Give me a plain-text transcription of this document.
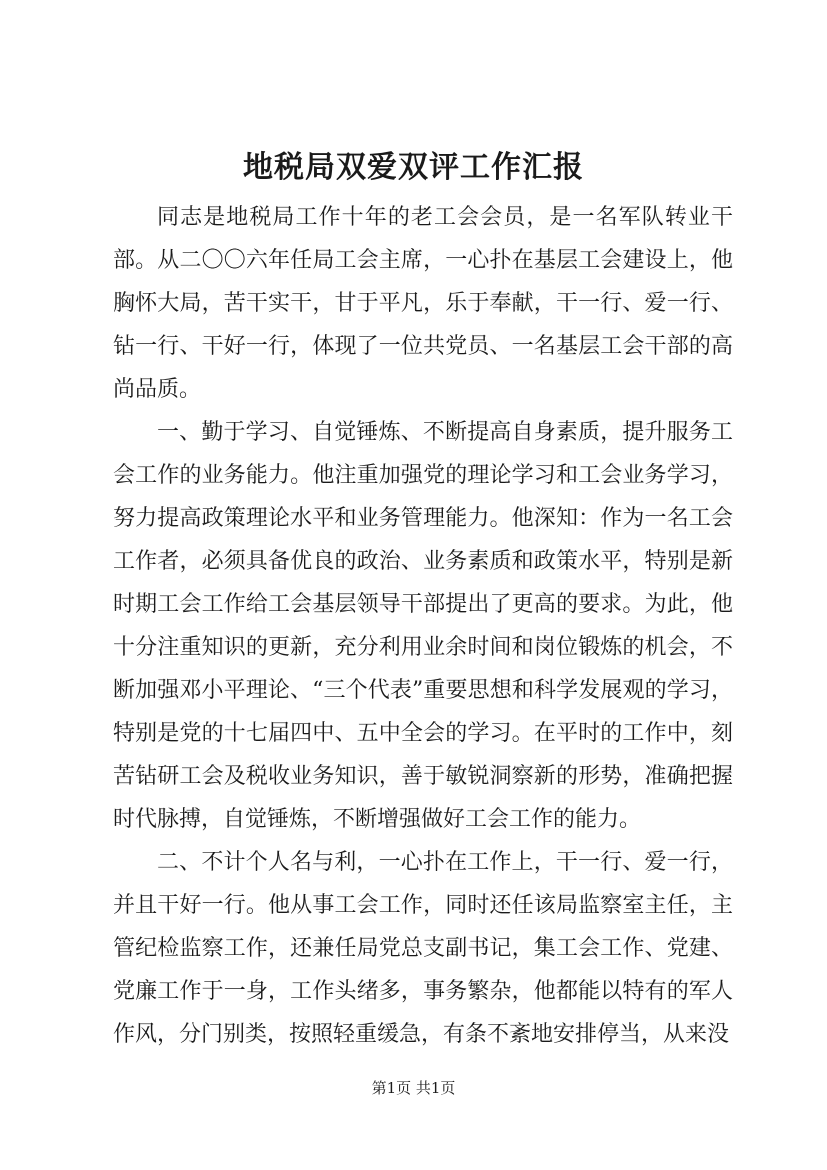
地税局双爱双评工作汇报

同志是地税局工作十年的老工会会员，是一名军队转业干部。从二〇〇六年任局工会主席，一心扑在基层工会建设上，他胸怀大局，苦干实干，甘于平凡，乐于奉献，干一行、爱一行、钻一行、干好一行，体现了一位共党员、一名基层工会干部的高尚品质。

一、勤于学习、自觉锤炼、不断提高自身素质，提升服务工会工作的业务能力。他注重加强党的理论学习和工会业务学习，努力提高政策理论水平和业务管理能力。他深知：作为一名工会工作者，必须具备优良的政治、业务素质和政策水平，特别是新时期工会工作给工会基层领导干部提出了更高的要求。为此，他十分注重知识的更新，充分利用业余时间和岗位锻炼的机会，不断加强邓小平理论、“三个代表”重要思想和科学发展观的学习，特别是党的十七届四中、五中全会的学习。在平时的工作中，刻苦钻研工会及税收业务知识，善于敏锐洞察新的形势，准确把握时代脉搏，自觉锤炼，不断增强做好工会工作的能力。

二、不计个人名与利，一心扑在工作上，干一行、爱一行，并且干好一行。他从事工会工作，同时还任该局监察室主任，主管纪检监察工作，还兼任局党总支副书记，集工会工作、党建、党廉工作于一身，工作头绪多，事务繁杂，他都能以特有的军人作风，分门别类，按照轻重缓急，有条不紊地安排停当，从来没

第1页 共1页
